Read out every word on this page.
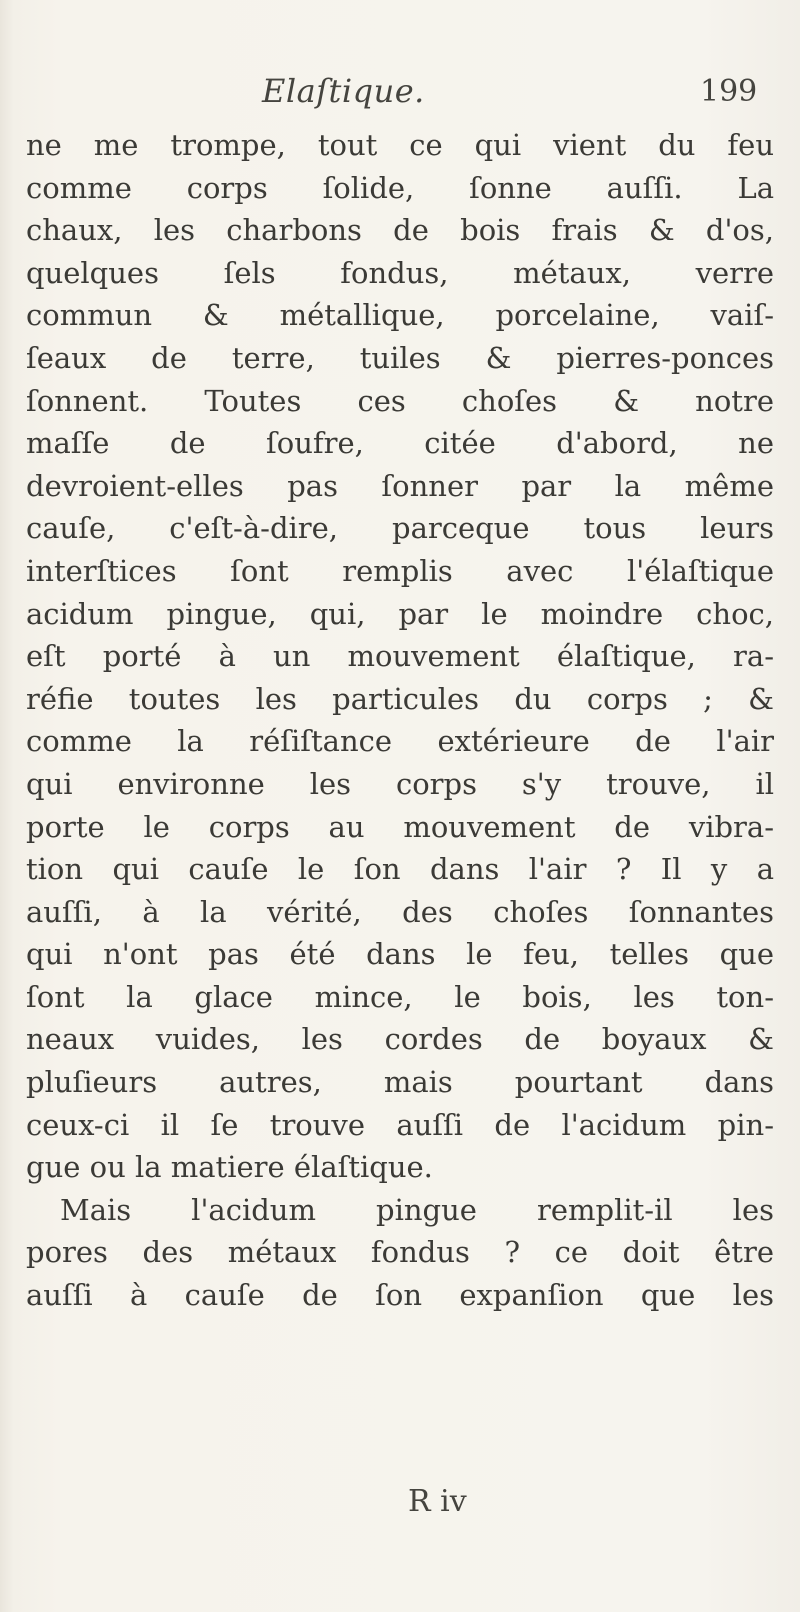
Elaſtique.	199
ne me trompe, tout ce qui vient du feu
comme corps ſolide, ſonne auſſi. La
chaux, les charbons de bois frais & d'os,
quelques ſels fondus, métaux, verre
commun & métallique, porcelaine, vaiſ-
ſeaux de terre, tuiles & pierres-ponces
ſonnent. Toutes ces choſes & notre
maſſe de ſoufre, citée d'abord, ne
devroient-elles pas ſonner par la même
cauſe, c'eſt-à-dire, parceque tous leurs
interſtices ſont remplis avec l'élaſtique
acidum pingue, qui, par le moindre choc,
eſt porté à un mouvement élaſtique, ra-
réfie toutes les particules du corps ; &
comme la réſiſtance extérieure de l'air
qui environne les corps s'y trouve, il
porte le corps au mouvement de vibra-
tion qui cauſe le ſon dans l'air ? Il y a
auſſi, à la vérité, des choſes ſonnantes
qui n'ont pas été dans le feu, telles que
ſont la glace mince, le bois, les ton-
neaux vuides, les cordes de boyaux &
pluſieurs autres, mais pourtant dans
ceux-ci il ſe trouve auſſi de l'acidum pin-
gue ou la matiere élaſtique.
Mais l'acidum pingue remplit-il les
pores des métaux fondus ? ce doit être
auſſi à cauſe de ſon expanſion que les
R iv
